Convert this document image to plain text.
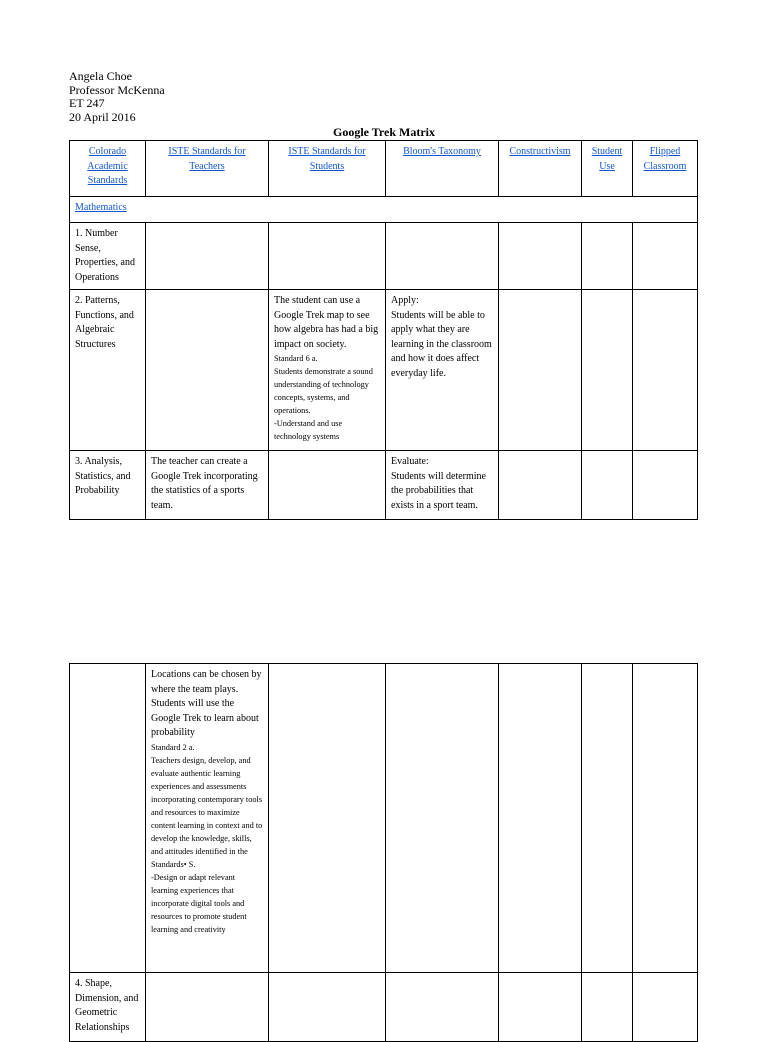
Angela Choe
Professor McKenna
ET 247
20 April 2016
Google Trek Matrix
Colorado Academic Standards	ISTE Standards for Teachers	ISTE Standards for Students	Bloom's Taxonomy	Constructivism	Student Use	Flipped Classroom
Mathematics						
1. Number Sense, Properties, and Operations						
2. Patterns, Functions, and Algebraic Structures		The student can use a Google Trek map to see how algebra has had a big impact on society.
Standard 6 a.
Students demonstrate a sound understanding of technology concepts, systems, and operations.
-Understand and use technology systems	Apply:
Students will be able to apply what they are learning in the classroom and how it does affect everyday life.			

3. Analysis, Statistics, and Probability	The teacher can create a Google Trek incorporating the statistics of a sports team.		Evaluate:
Students will determine the probabilities that exists in a sport team.			

	Locations can be chosen by where the team plays. Students will use the Google Trek to learn about probability
Standard 2 a.
Teachers design, develop, and evaluate authentic learning experiences and assessments incorporating contemporary tools and resources to maximize content learning in context and to develop the knowledge, skills, and attitudes identified in the Standards• S.
-Design or adapt relevant learning experiences that incorporate digital tools and resources to promote student learning and creativity					

4. Shape, Dimension, and Geometric Relationships						
